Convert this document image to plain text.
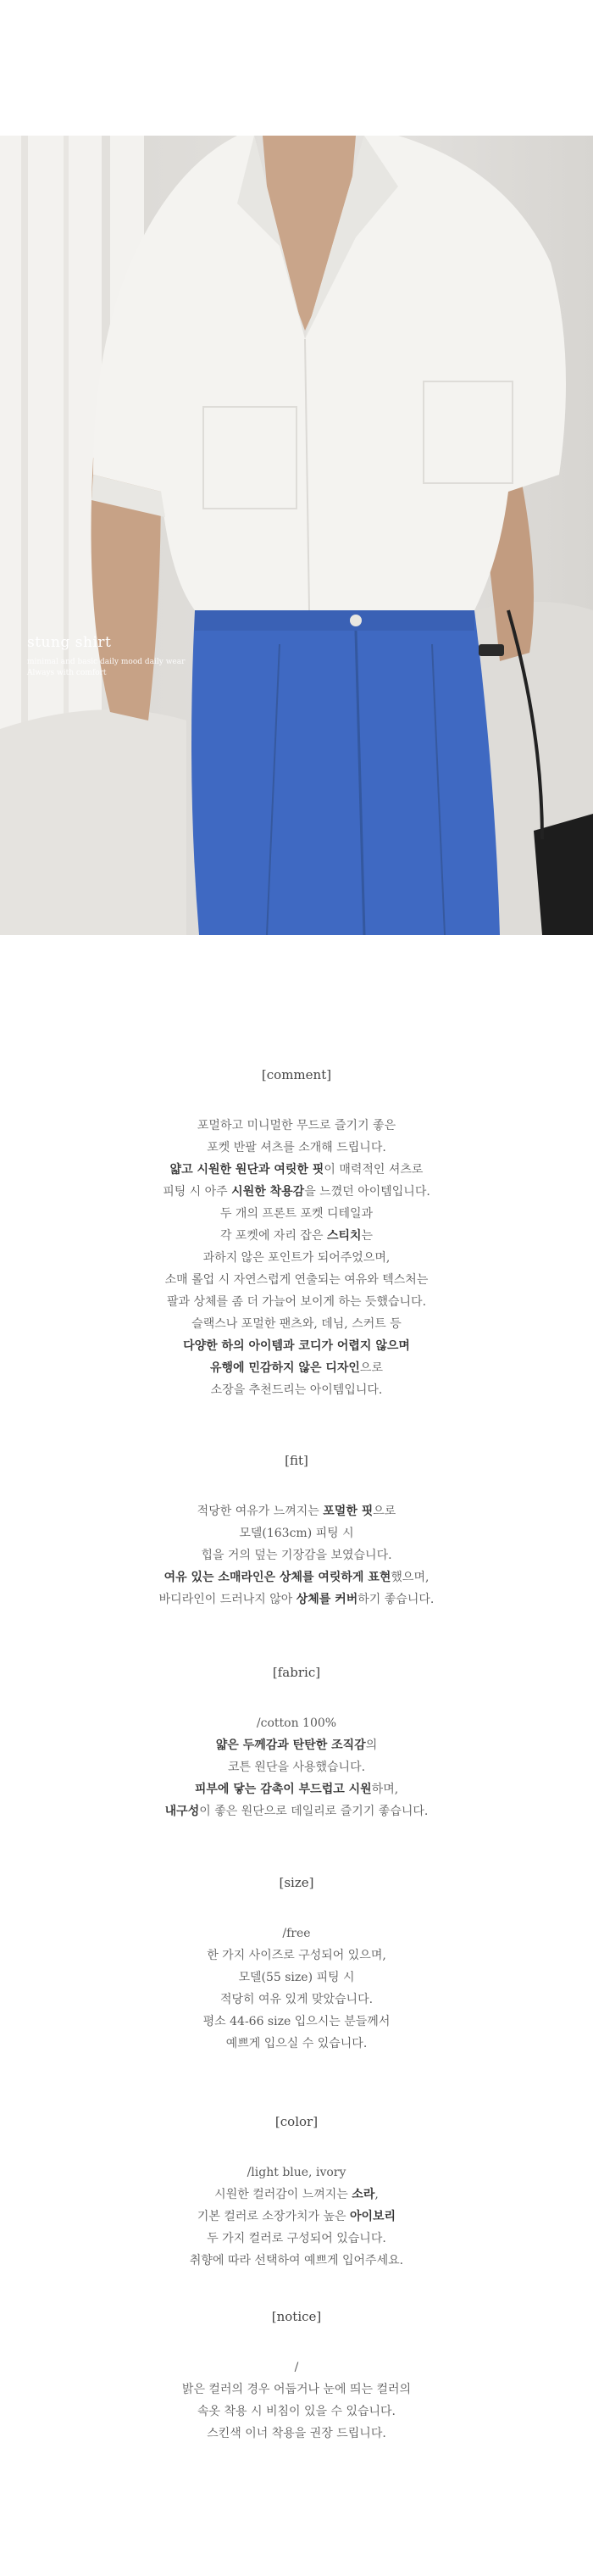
stung shirt
minimal and basic daily mood daily wear
Always with comfort
[comment]

포멀하고 미니멀한 무드로 즐기기 좋은

포켓 반팔 셔츠를 소개해 드립니다.

얇고 시원한 원단과 여릿한 핏이 매력적인 셔츠로

피팅 시 아주 시원한 착용감을 느꼈던 아이템입니다.

두 개의 프론트 포켓 디테일과

각 포켓에 자리 잡은 스티치는

과하지 않은 포인트가 되어주었으며,

소매 롤업 시 자연스럽게 연출되는 여유와 텍스처는

팔과 상체를 좀 더 가늘어 보이게 하는 듯했습니다.

슬랙스나 포멀한 팬츠와, 데님, 스커트 등

다양한 하의 아이템과 코디가 어렵지 않으며

유행에 민감하지 않은 디자인으로

소장을 추천드리는 아이템입니다.

[fit]

적당한 여유가 느껴지는 포멀한 핏으로

모델(163cm) 피팅 시

힙을 거의 덮는 기장감을 보였습니다.

여유 있는 소매라인은 상체를 여릿하게 표현했으며,

바디라인이 드러나지 않아 상체를 커버하기 좋습니다.

[fabric]

/cotton 100%

얇은 두께감과 탄탄한 조직감의

코튼 원단을 사용했습니다.

피부에 닿는 감촉이 부드럽고 시원하며,

내구성이 좋은 원단으로 데일리로 즐기기 좋습니다.

[size]

/free

한 가지 사이즈로 구성되어 있으며,

모델(55 size) 피팅 시

적당히 여유 있게 맞았습니다.

평소 44-66 size 입으시는 분들께서

예쁘게 입으실 수 있습니다.

[color]

/light blue, ivory

시원한 컬러감이 느껴지는 소라,

기본 컬러로 소장가치가 높은 아이보리

두 가지 컬러로 구성되어 있습니다.

취향에 따라 선택하여 예쁘게 입어주세요.

[notice]

/

밝은 컬러의 경우 어둡거나 눈에 띄는 컬러의

속옷 착용 시 비침이 있을 수 있습니다.

스킨색 이너 착용을 권장 드립니다.
